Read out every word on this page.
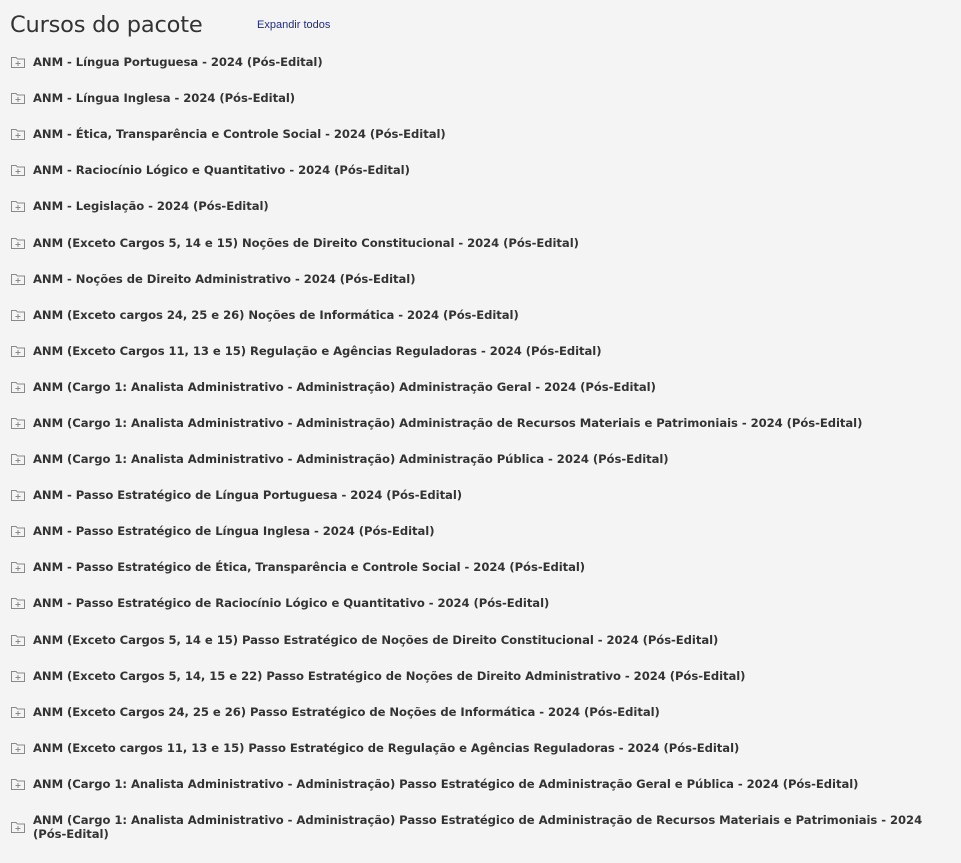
Cursos do pacote	Expandir todos
ANM - Língua Portuguesa - 2024 (Pós-Edital)
ANM - Língua Inglesa - 2024 (Pós-Edital)
ANM - Ética, Transparência e Controle Social - 2024 (Pós-Edital)
ANM - Raciocínio Lógico e Quantitativo - 2024 (Pós-Edital)
ANM - Legislação - 2024 (Pós-Edital)
ANM (Exceto Cargos 5, 14 e 15) Noções de Direito Constitucional - 2024 (Pós-Edital)
ANM - Noções de Direito Administrativo - 2024 (Pós-Edital)
ANM (Exceto cargos 24, 25 e 26) Noções de Informática - 2024 (Pós-Edital)
ANM (Exceto Cargos 11, 13 e 15) Regulação e Agências Reguladoras - 2024 (Pós-Edital)
ANM (Cargo 1: Analista Administrativo - Administração) Administração Geral - 2024 (Pós-Edital)
ANM (Cargo 1: Analista Administrativo - Administração) Administração de Recursos Materiais e Patrimoniais - 2024 (Pós-Edital)
ANM (Cargo 1: Analista Administrativo - Administração) Administração Pública - 2024 (Pós-Edital)
ANM - Passo Estratégico de Língua Portuguesa - 2024 (Pós-Edital)
ANM - Passo Estratégico de Língua Inglesa - 2024 (Pós-Edital)
ANM - Passo Estratégico de Ética, Transparência e Controle Social - 2024 (Pós-Edital)
ANM - Passo Estratégico de Raciocínio Lógico e Quantitativo - 2024 (Pós-Edital)
ANM (Exceto Cargos 5, 14 e 15) Passo Estratégico de Noções de Direito Constitucional - 2024 (Pós-Edital)
ANM (Exceto Cargos 5, 14, 15 e 22) Passo Estratégico de Noções de Direito Administrativo - 2024 (Pós-Edital)
ANM (Exceto Cargos 24, 25 e 26) Passo Estratégico de Noções de Informática - 2024 (Pós-Edital)
ANM (Exceto cargos 11, 13 e 15) Passo Estratégico de Regulação e Agências Reguladoras - 2024 (Pós-Edital)
ANM (Cargo 1: Analista Administrativo - Administração) Passo Estratégico de Administração Geral e Pública - 2024 (Pós-Edital)
ANM (Cargo 1: Analista Administrativo - Administração) Passo Estratégico de Administração de Recursos Materiais e Patrimoniais - 2024 (Pós-Edital)
